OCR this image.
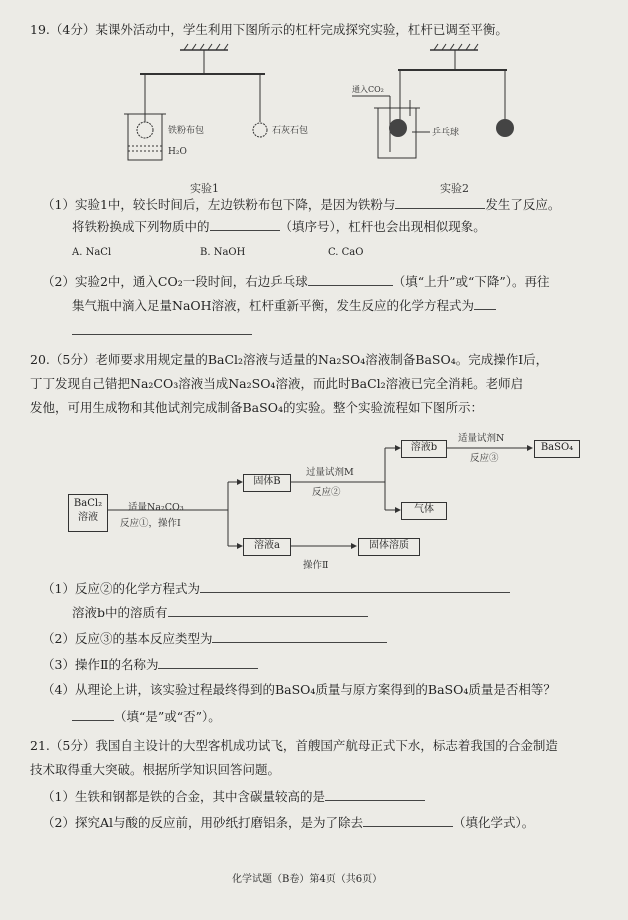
19.（4分）某课外活动中，学生利用下图所示的杠杆完成探究实验，杠杆已调至平衡。
铁粉布包	石灰石包
H₂O
实验1
通入CO₂
乒乓球
实验2
（1）实验1中，较长时间后，左边铁粉布包下降，是因为铁粉与	发生了反应。
将铁粉换成下列物质中的	（填序号），杠杆也会出现相似现象。
A. NaCl	B. NaOH	C. CaO
（2）实验2中，通入CO₂一段时间，右边乒乓球	（填“上升”或“下降”）。再往
集气瓶中滴入足量NaOH溶液，杠杆重新平衡，发生反应的化学方程式为
20.（5分）老师要求用规定量的BaCl₂溶液与适量的Na₂SO₄溶液制备BaSO₄。完成操作Ⅰ后，
丁丁发现自己错把Na₂CO₃溶液当成Na₂SO₄溶液，而此时BaCl₂溶液已完全消耗。老师启
发他，可用生成物和其他试剂完成制备BaSO₄的实验。整个实验流程如下图所示：
BaCl₂溶液
适量Na₂CO₃
反应①，操作Ⅰ
固体B
过量试剂M
反应②
溶液b
适量试剂N
反应③
BaSO₄
气体
溶液a	固体溶质
操作Ⅱ
（1）反应②的化学方程式为
溶液b中的溶质有
（2）反应③的基本反应类型为
（3）操作Ⅱ的名称为
（4）从理论上讲，该实验过程最终得到的BaSO₄质量与原方案得到的BaSO₄质量是否相等？
（填“是”或“否”）。
21.（5分）我国自主设计的大型客机成功试飞，首艘国产航母正式下水，标志着我国的合金制造
技术取得重大突破。根据所学知识回答问题。
（1）生铁和钢都是铁的合金，其中含碳量较高的是
（2）探究Al与酸的反应前，用砂纸打磨铝条，是为了除去	（填化学式）。
化学试题（B卷）第4页（共6页）
